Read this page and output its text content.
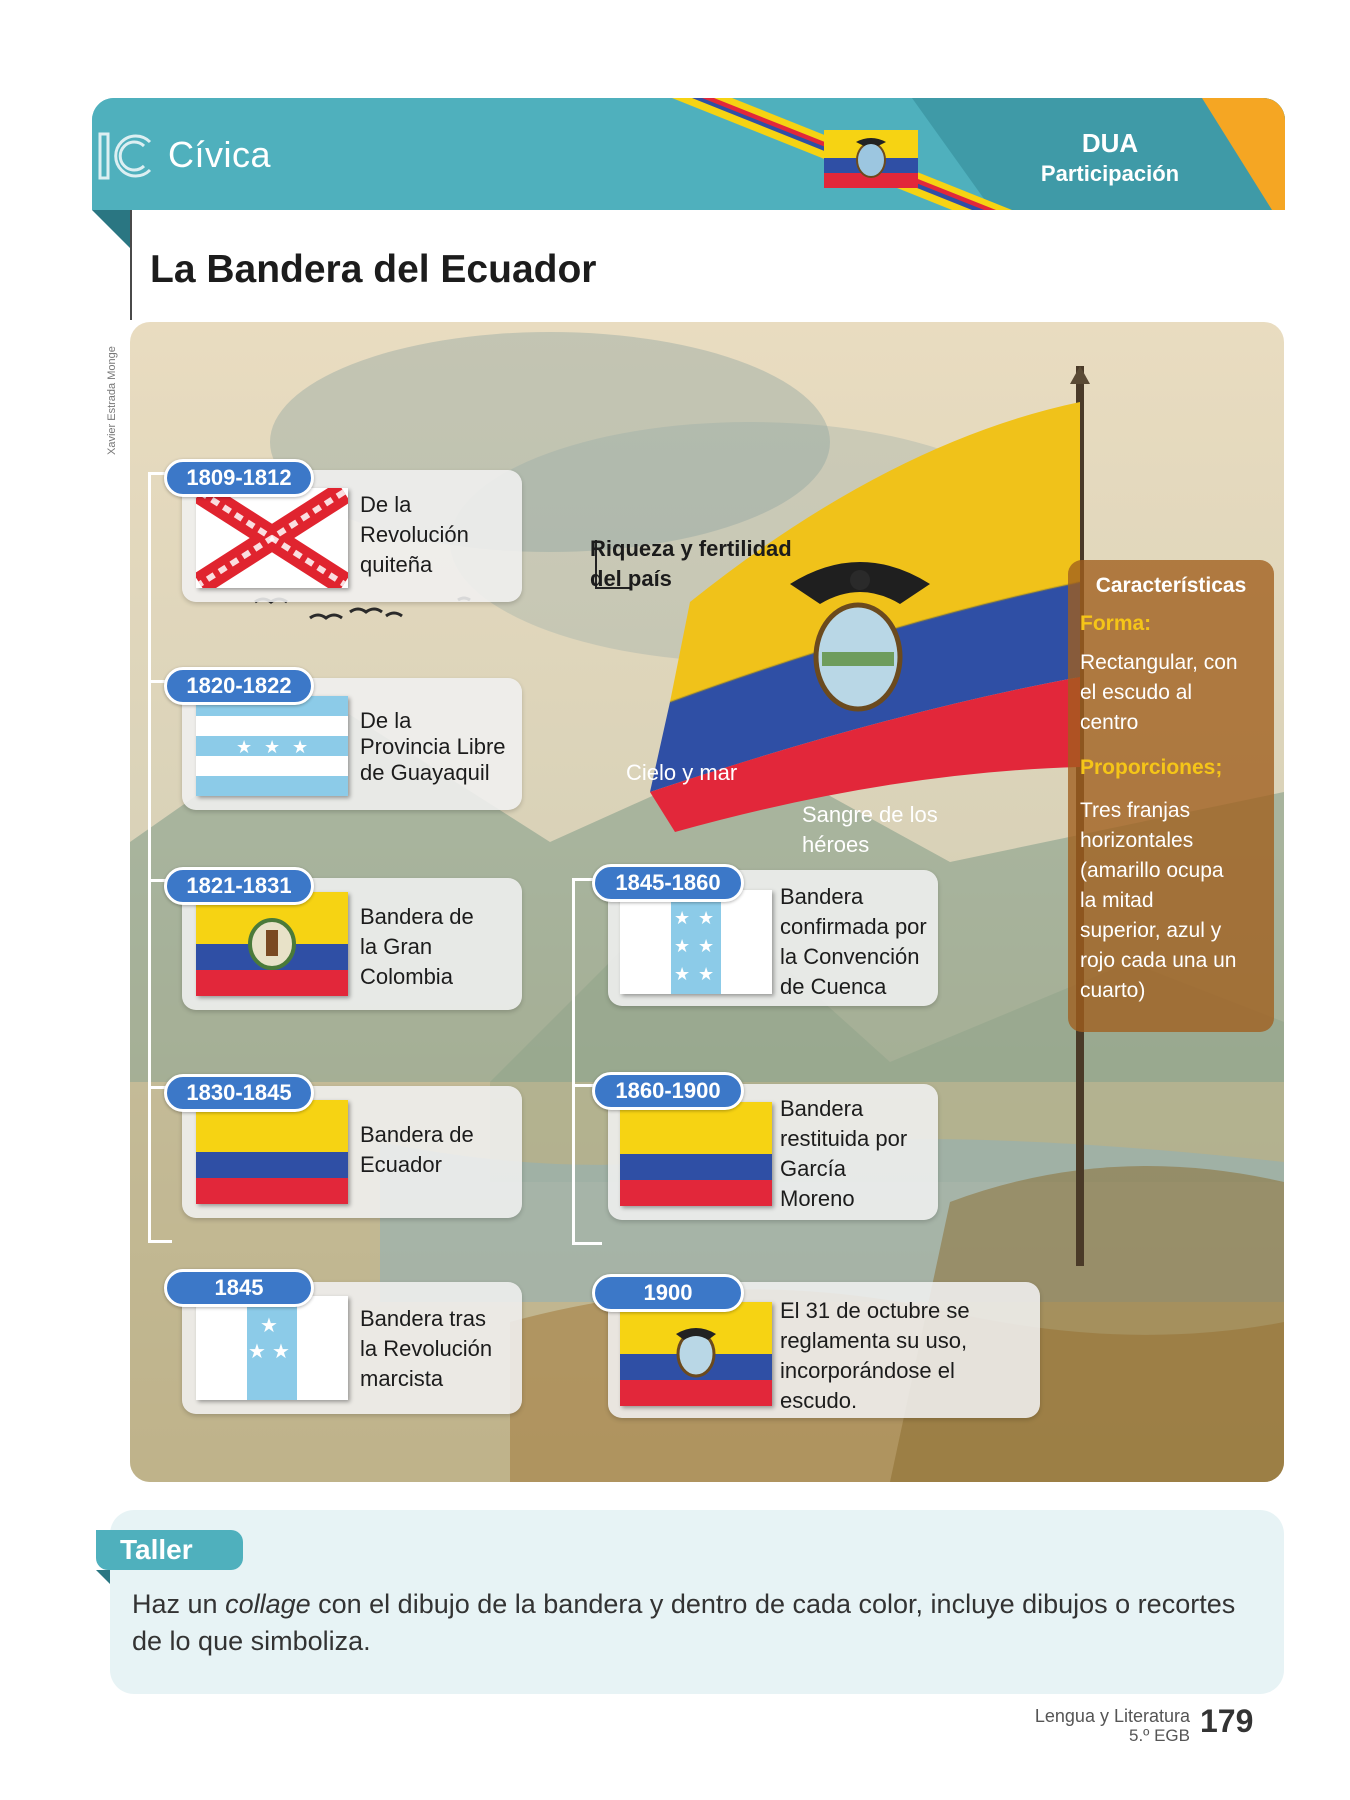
Cívica	DUA
Participación
La Bandera del Ecuador
Xavier Estrada Monge
De la
Revolución
quiteña
1809-1812
★ ★ ★
De la
Provincia Libre
de Guayaquil
1820-1822
Bandera de
la Gran
Colombia
1821-1831
Bandera de
Ecuador
1830-1845
★
★ ★
Bandera tras
la Revolución
marcista
1845
★ ★
★ ★
★ ★
Bandera
confirmada por
la Convención
de Cuenca
1845-1860
Bandera
restituida por
García
Moreno
1860-1900
El 31 de octubre se
reglamenta su uso,
incorporándose el
escudo.
1900
Riqueza y fertilidad
del país
Cielo y mar
Sangre de los
héroes
Características
Forma:
Rectangular, con
el escudo al
centro
Proporciones;
Tres franjas
horizontales
(amarillo ocupa
la mitad
superior, azul y
rojo cada una un
cuarto)
Taller

Haz un collage con el dibujo de la bandera y dentro de cada color, incluye dibujos o recortes de lo que simboliza.

Lengua y Literatura
5.º EGB 179
